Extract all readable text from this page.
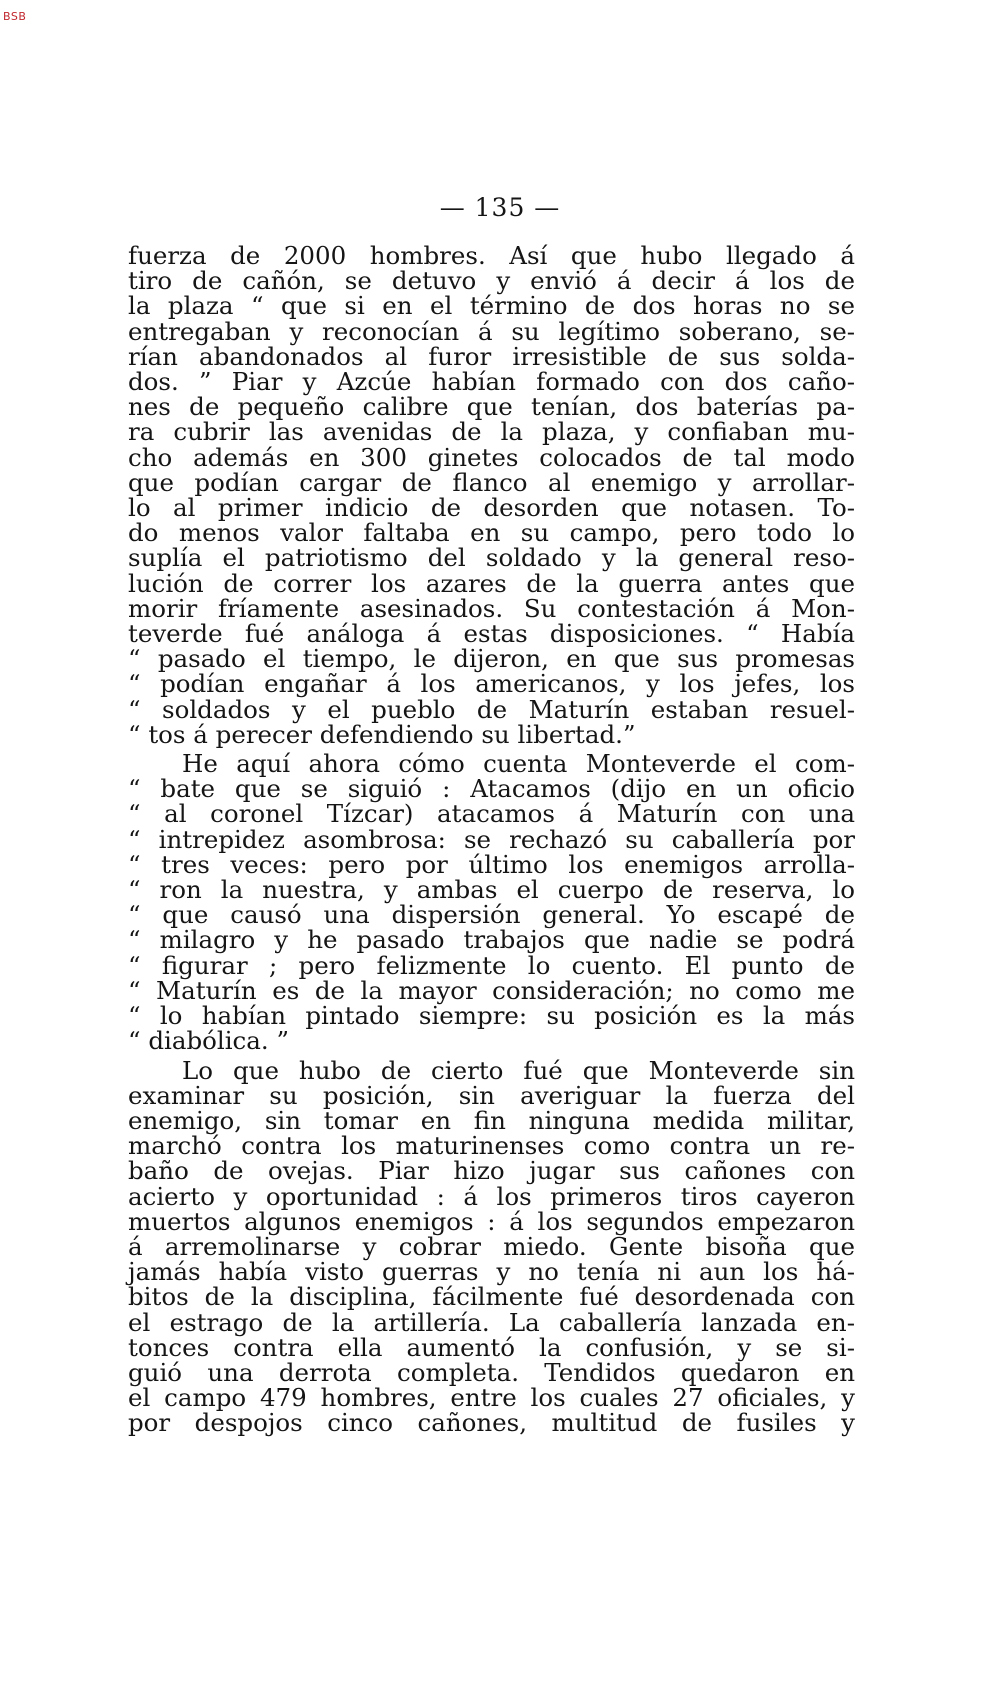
BSB
— 135 —
fuerza de 2000 hombres. Así que hubo llegado á
tiro de cañón, se detuvo y envió á decir á los de
la plaza “ que si en el término de dos horas no se
entregaban y reconocían á su legítimo soberano, se-
rían abandonados al furor irresistible de sus solda-
dos. ” Piar y Azcúe habían formado con dos caño-
nes de pequeño calibre que tenían, dos baterías pa-
ra cubrir las avenidas de la plaza, y confiaban mu-
cho además en 300 ginetes colocados de tal modo
que podían cargar de flanco al enemigo y arrollar-
lo al primer indicio de desorden que notasen. To-
do menos valor faltaba en su campo, pero todo lo
suplía el patriotismo del soldado y la general reso-
lución de correr los azares de la guerra antes que
morir fríamente asesinados. Su contestación á Mon-
teverde fué análoga á estas disposiciones. “ Había
“ pasado el tiempo, le dijeron, en que sus promesas
“ podían engañar á los americanos, y los jefes, los
“ soldados y el pueblo de Maturín estaban resuel-
“ tos á perecer defendiendo su libertad.”
He aquí ahora cómo cuenta Monteverde el com-
“ bate que se siguió : Atacamos (dijo en un oficio
“ al coronel Tízcar) atacamos á Maturín con una
“ intrepidez asombrosa: se rechazó su caballería por
“ tres veces: pero por último los enemigos arrolla-
“ ron la nuestra, y ambas el cuerpo de reserva, lo
“ que causó una dispersión general. Yo escapé de
“ milagro y he pasado trabajos que nadie se podrá
“ figurar ; pero felizmente lo cuento. El punto de
“ Maturín es de la mayor consideración; no como me
“ lo habían pintado siempre: su posición es la más
“ diabólica. ”
Lo que hubo de cierto fué que Monteverde sin
examinar su posición, sin averiguar la fuerza del
enemigo, sin tomar en fin ninguna medida militar,
marchó contra los maturinenses como contra un re-
baño de ovejas. Piar hizo jugar sus cañones con
acierto y oportunidad : á los primeros tiros cayeron
muertos algunos enemigos : á los segundos empezaron
á arremolinarse y cobrar miedo. Gente bisoña que
jamás había visto guerras y no tenía ni aun los há-
bitos de la disciplina, fácilmente fué desordenada con
el estrago de la artillería. La caballería lanzada en-
tonces contra ella aumentó la confusión, y se si-
guió una derrota completa. Tendidos quedaron en
el campo 479 hombres, entre los cuales 27 oficiales, y
por despojos cinco cañones, multitud de fusiles y
